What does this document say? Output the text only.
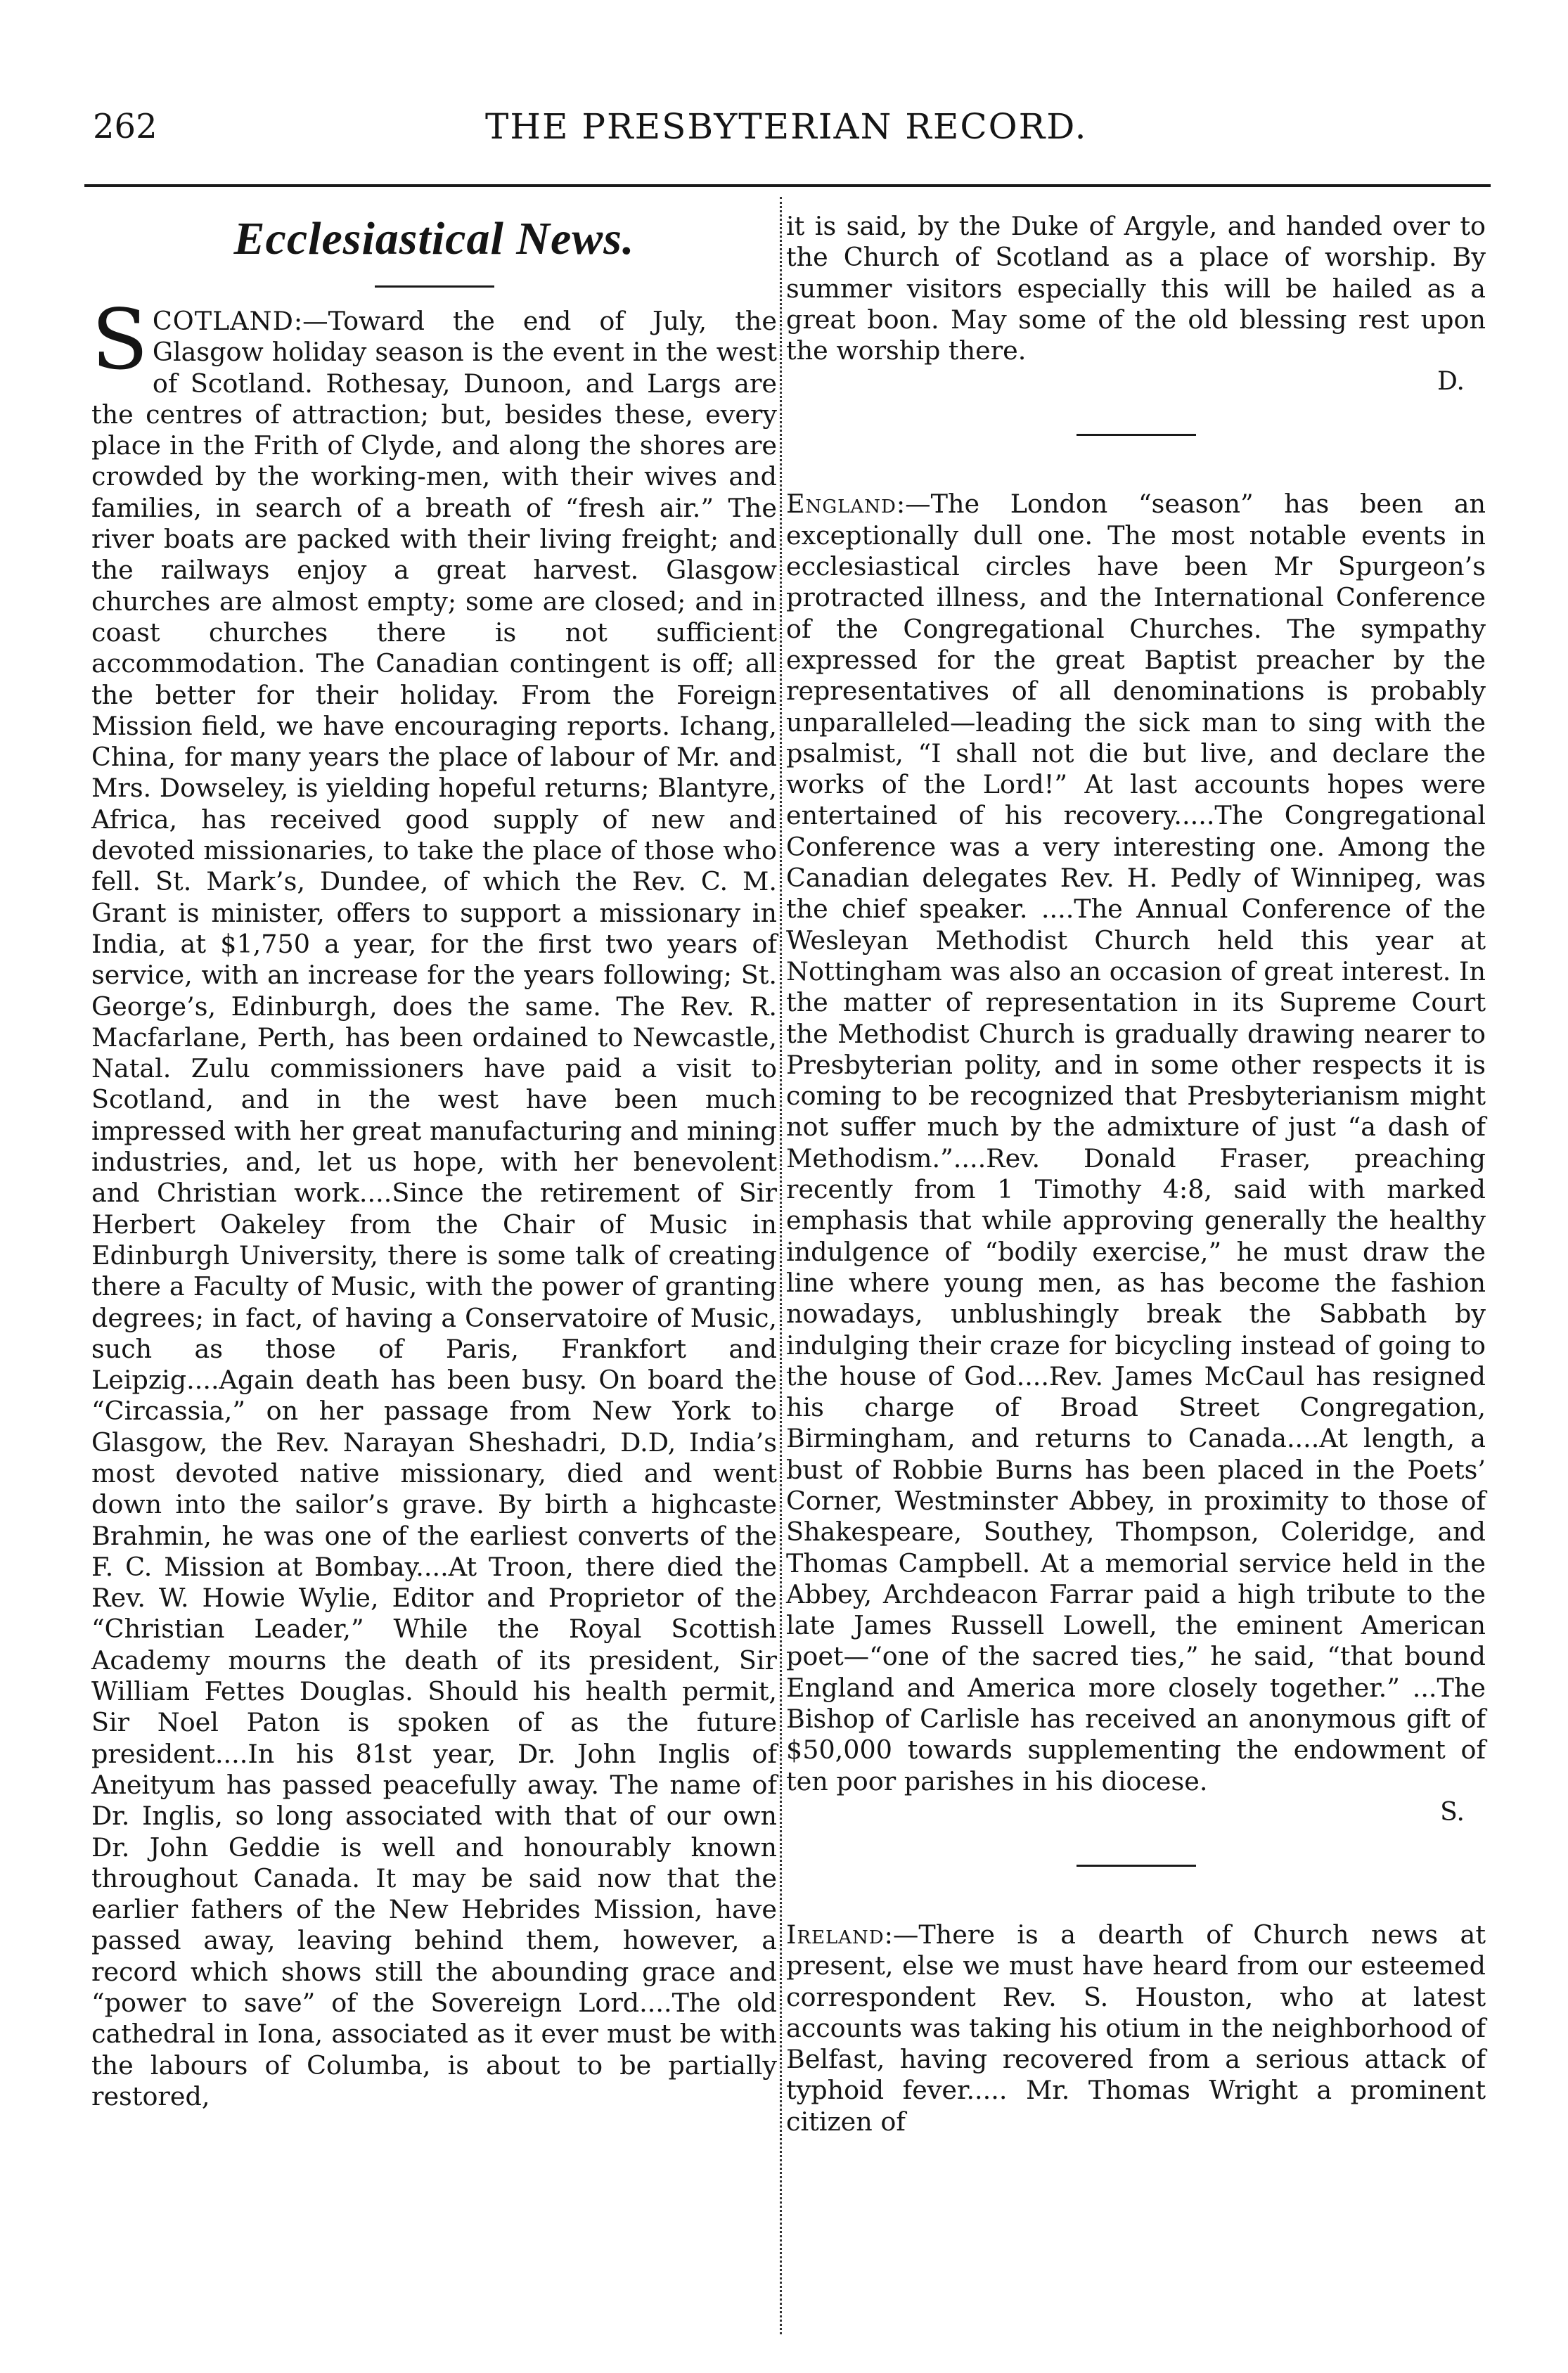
262	THE PRESBYTERIAN RECORD.
Ecclesiastical News.

SCOTLAND:—Toward the end of July, the Glasgow holiday season is the event in the west of Scotland. Rothesay, Dunoon, and Largs are the centres of attraction; but, besides these, every place in the Frith of Clyde, and along the shores are crowded by the working-men, with their wives and families, in search of a breath of “fresh air.” The river boats are packed with their living freight; and the railways enjoy a great harvest. Glasgow churches are almost empty; some are closed; and in coast churches there is not sufficient accommodation. The Canadian contingent is off; all the better for their holiday. From the Foreign Mission field, we have encouraging reports. Ichang, China, for many years the place of labour of Mr. and Mrs. Dowseley, is yielding hopeful returns; Blantyre, Africa, has received good supply of new and devoted missionaries, to take the place of those who fell. St. Mark’s, Dundee, of which the Rev. C. M. Grant is minister, offers to support a missionary in India, at $1,750 a year, for the first two years of service, with an increase for the years following; St. George’s, Edinburgh, does the same. The Rev. R. Macfarlane, Perth, has been ordained to Newcastle, Natal. Zulu commissioners have paid a visit to Scotland, and in the west have been much impressed with her great manufacturing and mining industries, and, let us hope, with her benevolent and Christian work....Since the retirement of Sir Herbert Oakeley from the Chair of Music in Edinburgh University, there is some talk of creating there a Faculty of Music, with the power of granting degrees; in fact, of having a Conservatoire of Music, such as those of Paris, Frankfort and Leipzig....Again death has been busy. On board the “Circassia,” on her passage from New York to Glasgow, the Rev. Narayan Sheshadri, D.D, India’s most devoted native missionary, died and went down into the sailor’s grave. By birth a highcaste Brahmin, he was one of the earliest converts of the F. C. Mission at Bombay....At Troon, there died the Rev. W. Howie Wylie, Editor and Proprietor of the “Christian Leader,” While the Royal Scottish Academy mourns the death of its president, Sir William Fettes Douglas. Should his health permit, Sir Noel Paton is spoken of as the future president....In his 81st year, Dr. John Inglis of Aneityum has passed peacefully away. The name of Dr. Inglis, so long associated with that of our own Dr. John Geddie is well and honourably known throughout Canada. It may be said now that the earlier fathers of the New Hebrides Mission, have passed away, leaving behind them, however, a record which shows still the abounding grace and “power to save” of the Sovereign Lord....The old cathedral in Iona, associated as it ever must be with the labours of Columba, is about to be partially restored,

it is said, by the Duke of Argyle, and handed over to the Church of Scotland as a place of worship. By summer visitors especially this will be hailed as a great boon. May some of the old blessing rest upon the worship there.

D.

England:—The London “season” has been an exceptionally dull one. The most notable events in ecclesiastical circles have been Mr Spurgeon’s protracted illness, and the International Conference of the Congregational Churches. The sympathy expressed for the great Baptist preacher by the representatives of all denominations is probably unparalleled—leading the sick man to sing with the psalmist, “I shall not die but live, and declare the works of the Lord!” At last accounts hopes were entertained of his recovery.....The Congregational Conference was a very interesting one. Among the Canadian delegates Rev. H. Pedly of Winnipeg, was the chief speaker. ....The Annual Conference of the Wesleyan Methodist Church held this year at Nottingham was also an occasion of great interest. In the matter of representation in its Supreme Court the Methodist Church is gradually drawing nearer to Presbyterian polity, and in some other respects it is coming to be recognized that Presbyterianism might not suffer much by the admixture of just “a dash of Methodism.”....Rev. Donald Fraser, preaching recently from 1 Timothy 4:8, said with marked emphasis that while approving generally the healthy indulgence of “bodily exercise,” he must draw the line where young men, as has become the fashion nowadays, unblushingly break the Sabbath by indulging their craze for bicycling instead of going to the house of God....Rev. James McCaul has resigned his charge of Broad Street Congregation, Birmingham, and returns to Canada....At length, a bust of Robbie Burns has been placed in the Poets’ Corner, Westminster Abbey, in proximity to those of Shakespeare, Southey, Thompson, Coleridge, and Thomas Campbell. At a memorial service held in the Abbey, Archdeacon Farrar paid a high tribute to the late James Russell Lowell, the eminent American poet—“one of the sacred ties,” he said, “that bound England and America more closely together.” ...The Bishop of Carlisle has received an anonymous gift of $50,000 towards supplementing the endowment of ten poor parishes in his diocese.

S.

Ireland:—There is a dearth of Church news at present, else we must have heard from our esteemed correspondent Rev. S. Houston, who at latest accounts was taking his otium in the neighborhood of Belfast, having recovered from a serious attack of typhoid fever..... Mr. Thomas Wright a prominent citizen of
